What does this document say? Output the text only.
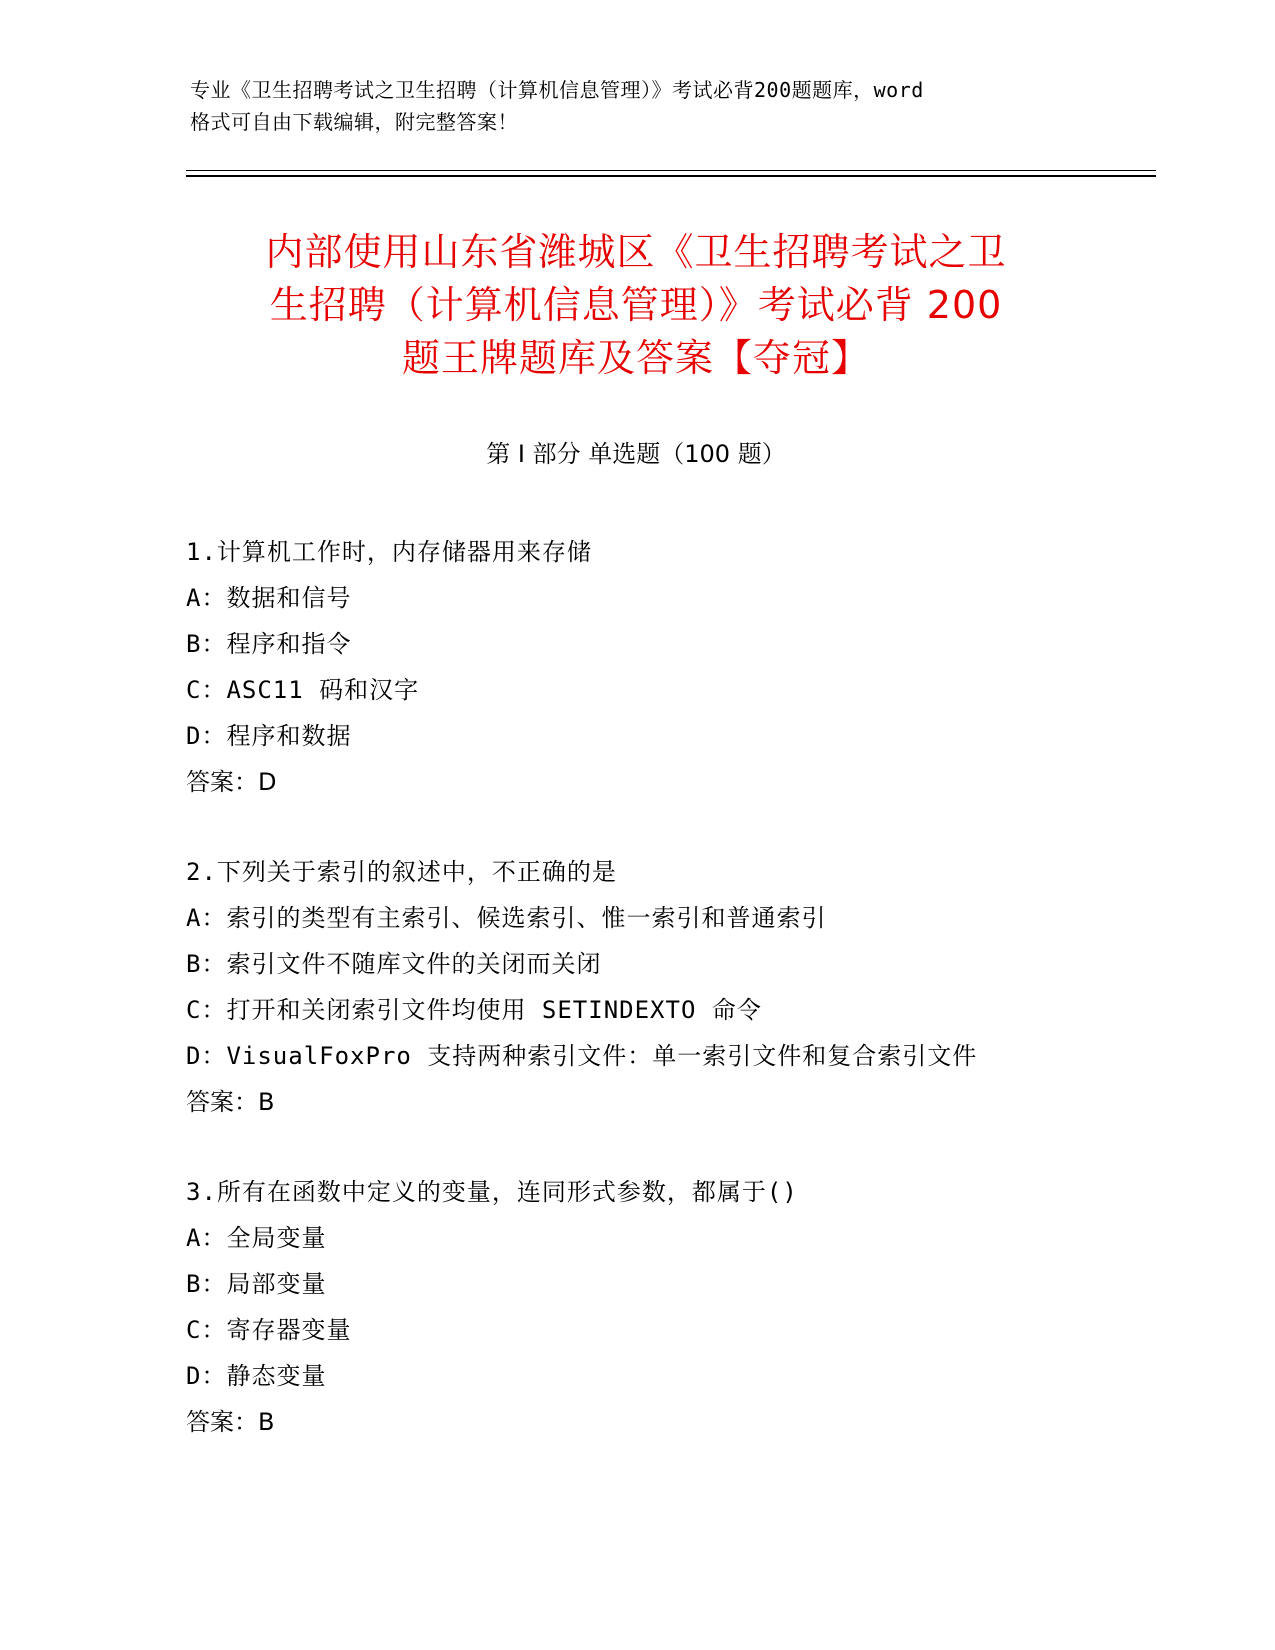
专业《卫生招聘考试之卫生招聘（计算机信息管理）》考试必背200题题库，word
格式可自由下载编辑，附完整答案！
内部使用山东省潍城区《卫生招聘考试之卫
生招聘（计算机信息管理）》考试必背 200
题王牌题库及答案【夺冠】
第 I 部分 单选题（100 题）
1.计算机工作时，内存储器用来存储
A：数据和信号
B：程序和指令
C：ASC11 码和汉字
D：程序和数据
答案：D
2.下列关于索引的叙述中，不正确的是
A：索引的类型有主索引、候选索引、惟一索引和普通索引
B：索引文件不随库文件的关闭而关闭
C：打开和关闭索引文件均使用 SETINDEXTO 命令
D：VisualFoxPro 支持两种索引文件：单一索引文件和复合索引文件
答案：B
3.所有在函数中定义的变量，连同形式参数，都属于()
A：全局变量
B：局部变量
C：寄存器变量
D：静态变量
答案：B
